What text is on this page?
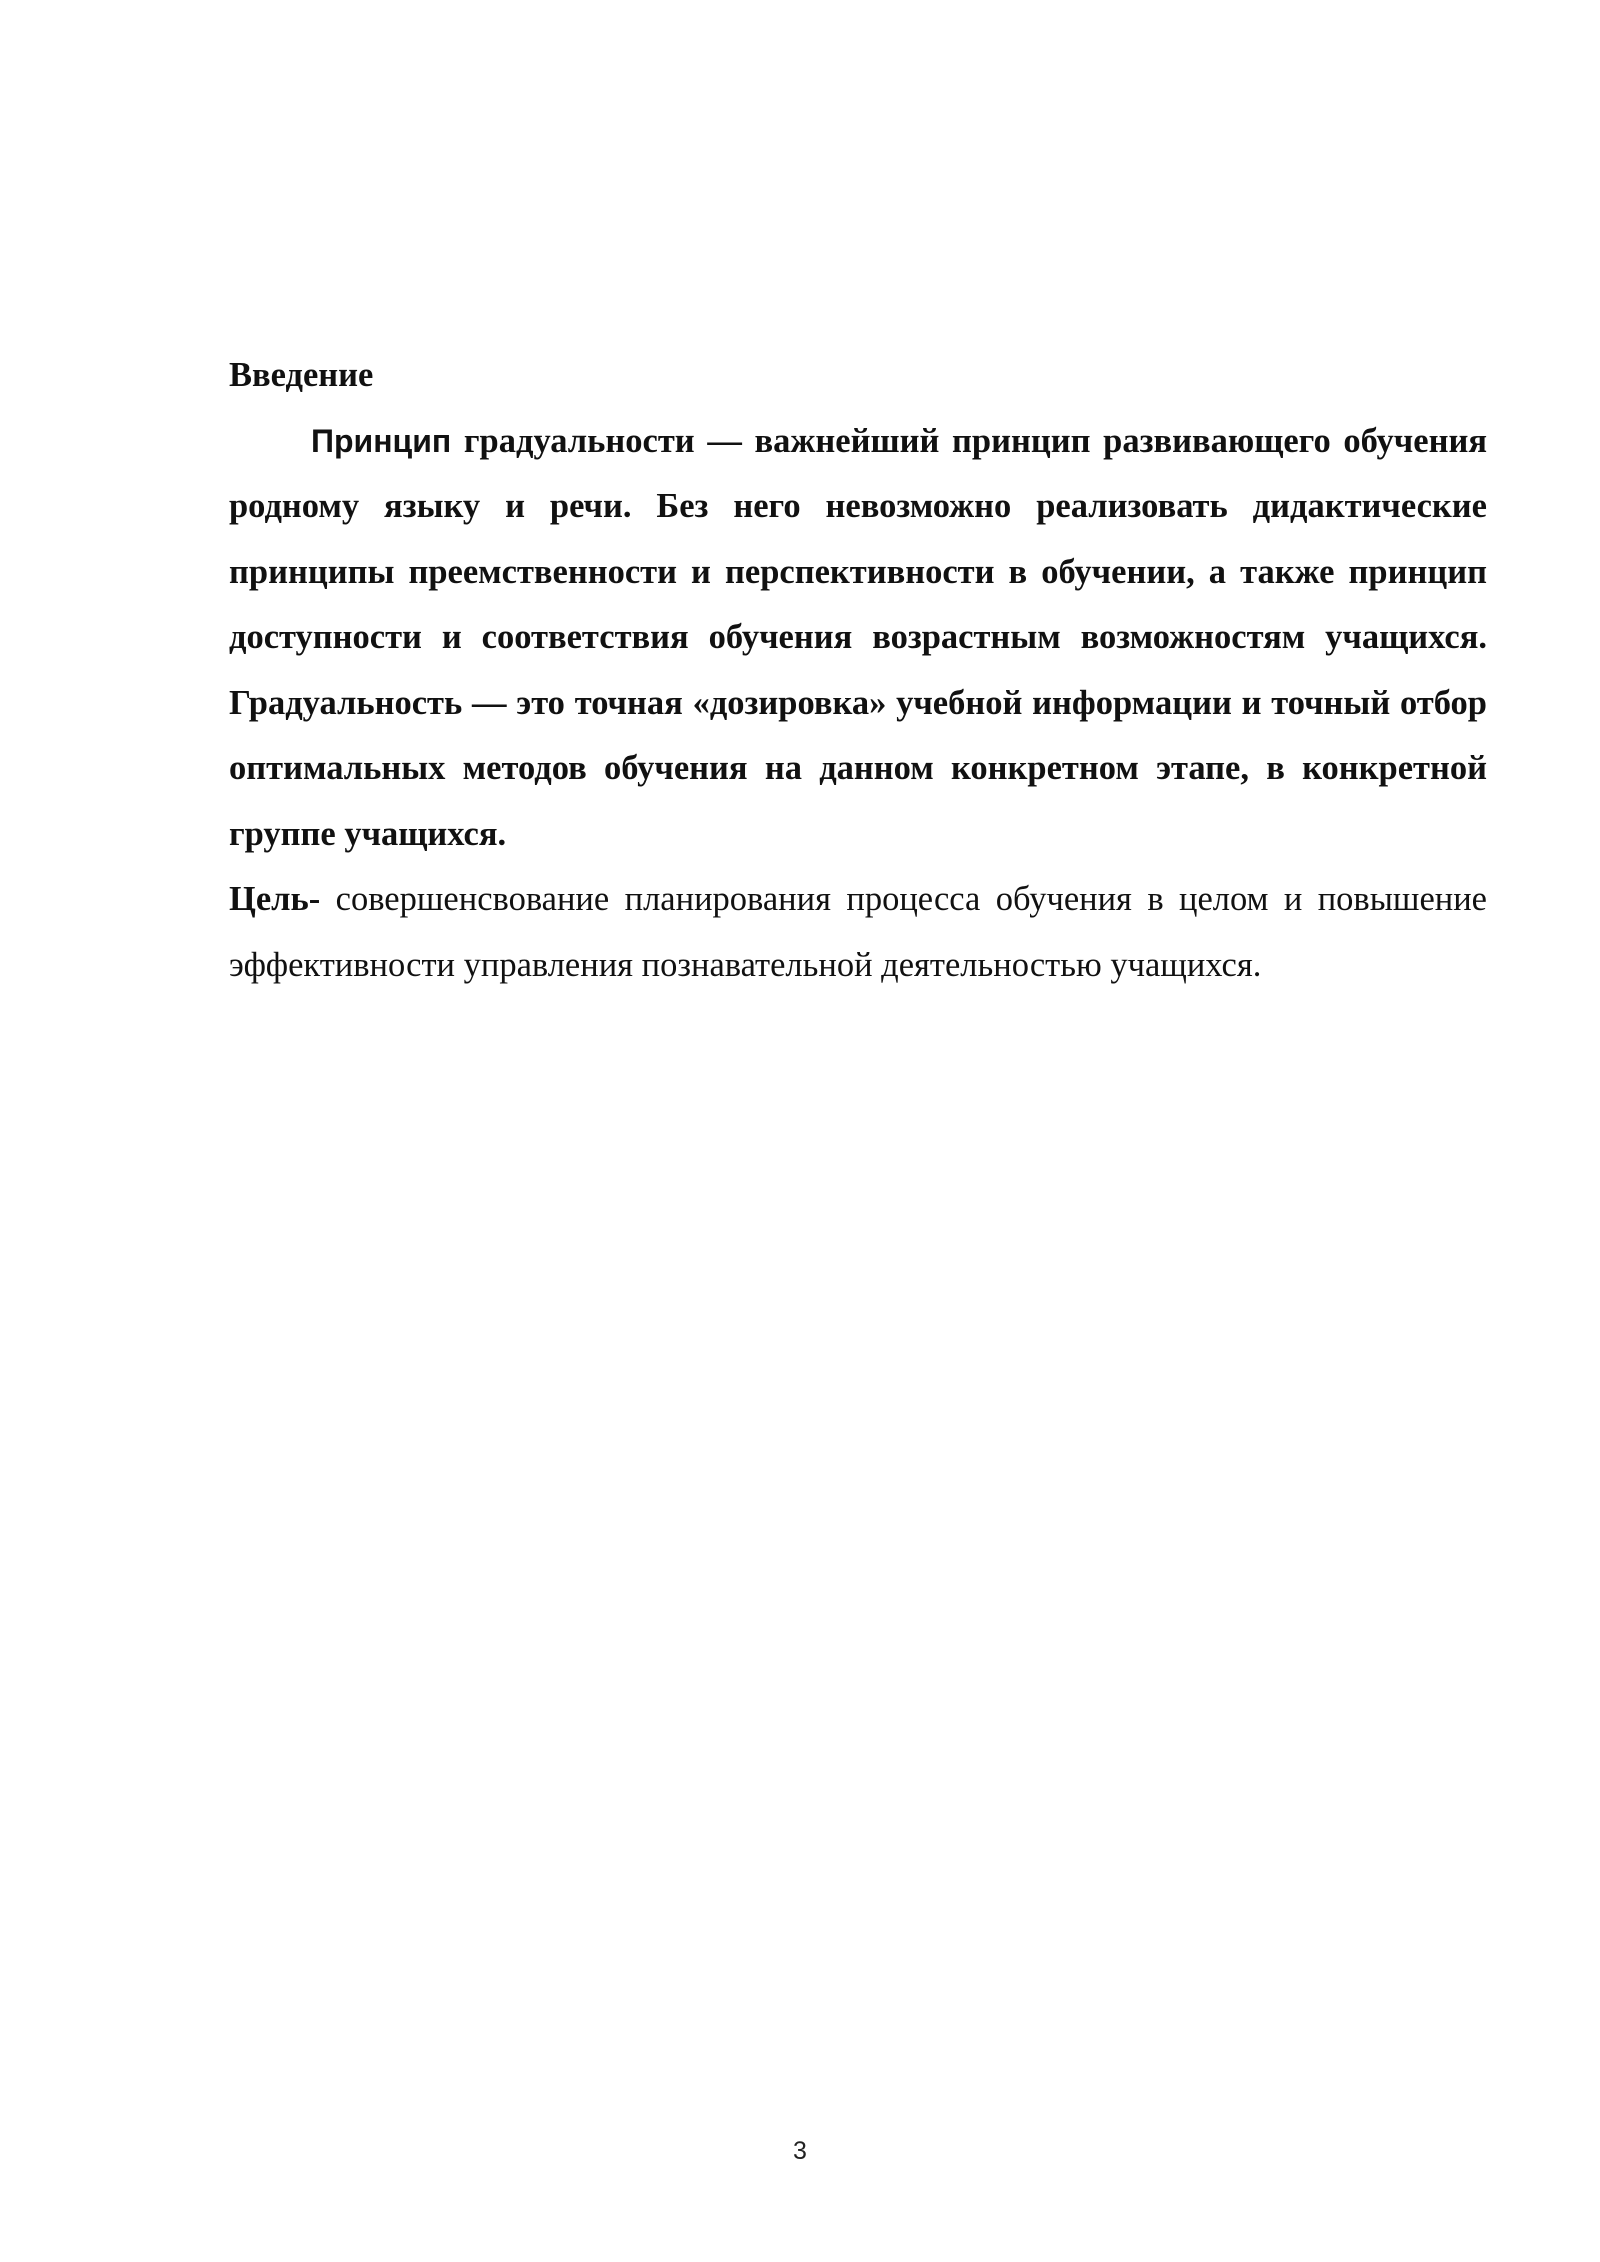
Введение

Принцип градуальности — важнейший принцип развивающего обучения родному языку и речи. Без него невозможно реализовать дидактические принципы преемственности и перспективности в обучении, а также принцип доступности и соответствия обучения возрастным возможностям учащихся. Градуальность — это точная «дозировка» учебной информации и точный отбор оптимальных методов обучения на данном конкретном этапе, в конкретной группе учащихся.

Цель- совершенсвование планирования процесса обучения в целом и повышение эффективности управления познавательной деятельностью учащихся.

3
